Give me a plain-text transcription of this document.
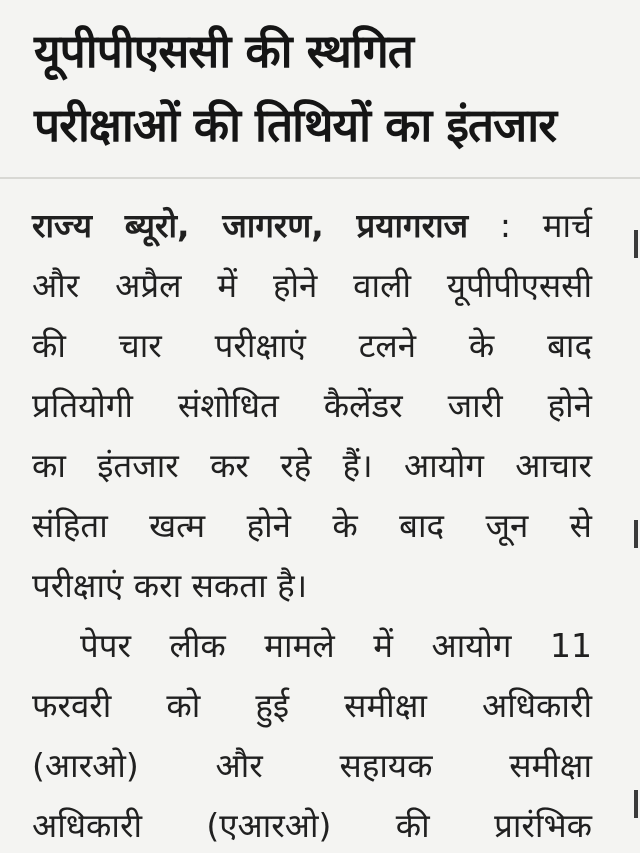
यूपीपीएससी की स्थगित
परीक्षाओं की तिथियों का इंतजार
राज्य ब्यूरो, जागरण, प्रयागराज : मार्च
और अप्रैल में होने वाली यूपीपीएससी
की चार परीक्षाएं टलने के बाद
प्रतियोगी संशोधित कैलेंडर जारी होने
का इंतजार कर रहे हैं। आयोग आचार
संहिता खत्म होने के बाद जून से
परीक्षाएं करा सकता है।
पेपर लीक मामले में आयोग 11
फरवरी को हुई समीक्षा अधिकारी
(आरओ) और सहायक समीक्षा
अधिकारी (एआरओ) की प्रारंभिक
